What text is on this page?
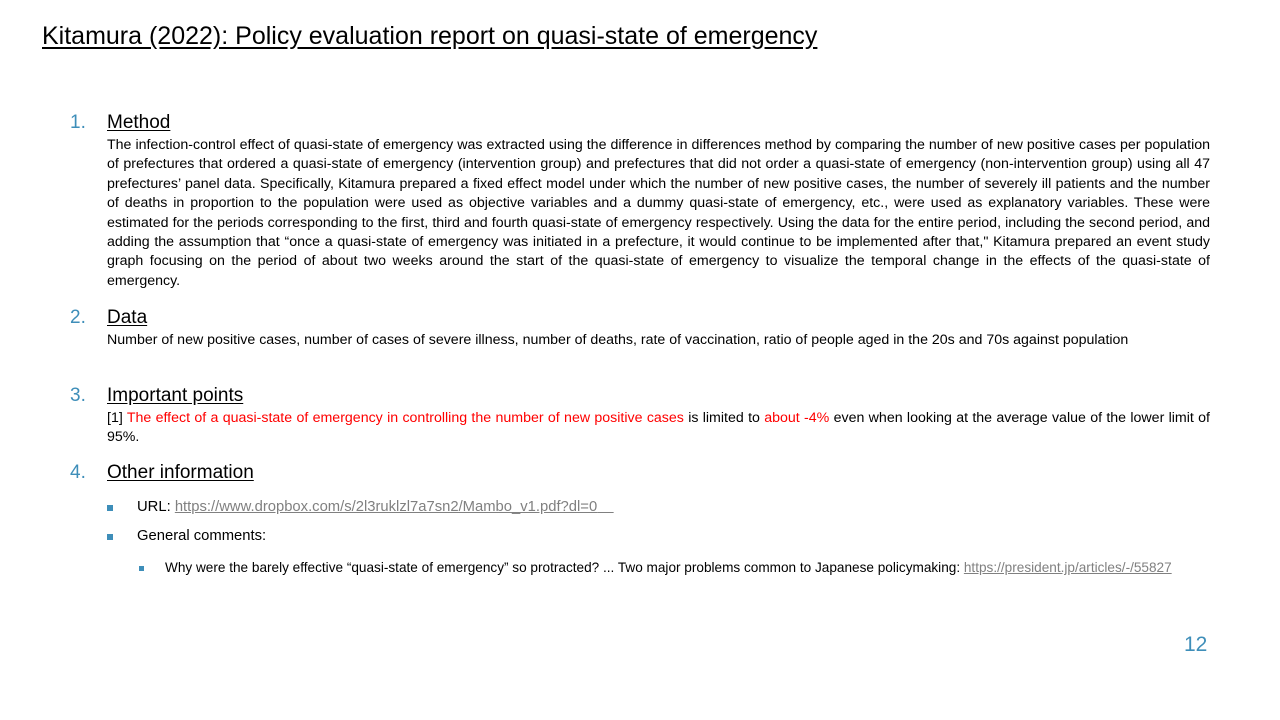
Kitamura (2022): Policy evaluation report on quasi-state of emergency
1. Method
The infection-control effect of quasi-state of emergency was extracted using the difference in differences method by comparing the number of new positive cases per population of prefectures that ordered a quasi-state of emergency (intervention group) and prefectures that did not order a quasi-state of emergency (non-intervention group) using all 47 prefectures’ panel data. Specifically, Kitamura prepared a fixed effect model under which the number of new positive cases, the number of severely ill patients and the number of deaths in proportion to the population were used as objective variables and a dummy quasi-state of emergency, etc., were used as explanatory variables. These were estimated for the periods corresponding to the first, third and fourth quasi-state of emergency respectively. Using the data for the entire period, including the second period, and adding the assumption that “once a quasi-state of emergency was initiated in a prefecture, it would continue to be implemented after that," Kitamura prepared an event study graph focusing on the period of about two weeks around the start of the quasi-state of emergency to visualize the temporal change in the effects of the quasi-state of emergency.
2. Data
Number of new positive cases, number of cases of severe illness, number of deaths, rate of vaccination, ratio of people aged in the 20s and 70s against population
3. Important points
[1] The effect of a quasi-state of emergency in controlling the number of new positive cases is limited to about -4% even when looking at the average value of the lower limit of 95%.
4. Other information
URL: https://www.dropbox.com/s/2l3ruklzl7a7sn2/Mambo_v1.pdf?dl=0
General comments:
Why were the barely effective “quasi-state of emergency” so protracted? ... Two major problems common to Japanese policymaking: https://president.jp/articles/-/55827
12
